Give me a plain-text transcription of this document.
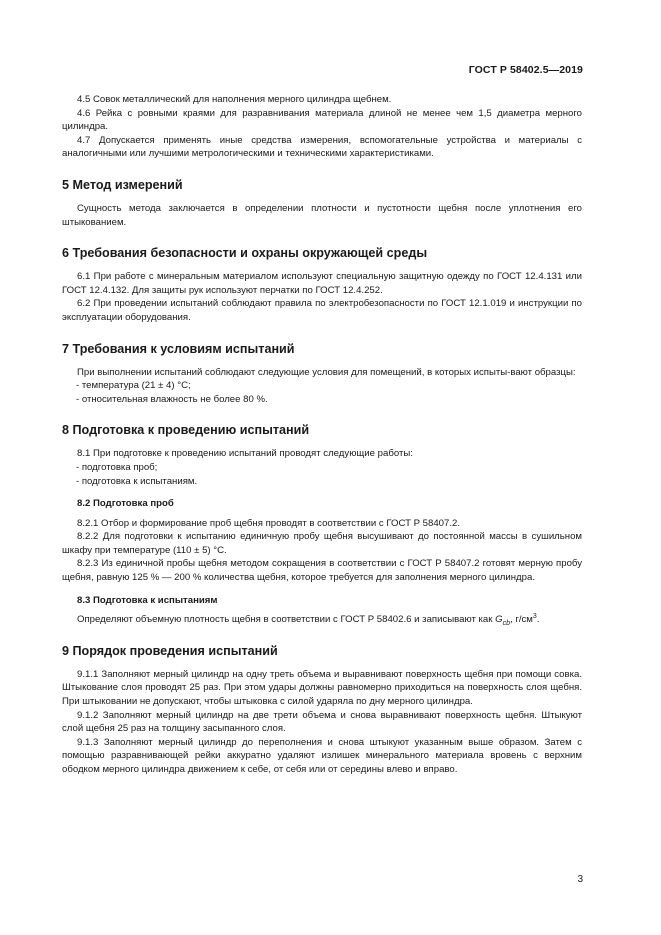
ГОСТ Р 58402.5—2019

4.5 Совок металлический для наполнения мерного цилиндра щебнем.

4.6 Рейка с ровными краями для разравнивания материала длиной не менее чем 1,5 диаметра мерного цилиндра.

4.7 Допускается применять иные средства измерения, вспомогательные устройства и материалы с аналогичными или лучшими метрологическими и техническими характеристиками.

5 Метод измерений

Сущность метода заключается в определении плотности и пустотности щебня после уплотнения его штыкованием.

6 Требования безопасности и охраны окружающей среды

6.1 При работе с минеральным материалом используют специальную защитную одежду по ГОСТ 12.4.131 или ГОСТ 12.4.132. Для защиты рук используют перчатки по ГОСТ 12.4.252.

6.2 При проведении испытаний соблюдают правила по электробезопасности по ГОСТ 12.1.019 и инструкции по эксплуатации оборудования.

7 Требования к условиям испытаний

При выполнении испытаний соблюдают следующие условия для помещений, в которых испыты-вают образцы:

- температура (21 ± 4) °С;

- относительная влажность не более 80 %.

8 Подготовка к проведению испытаний

8.1 При подготовке к проведению испытаний проводят следующие работы:

- подготовка проб;

- подготовка к испытаниям.

8.2 Подготовка проб

8.2.1 Отбор и формирование проб щебня проводят в соответствии с ГОСТ Р 58407.2.

8.2.2 Для подготовки к испытанию единичную пробу щебня высушивают до постоянной массы в сушильном шкафу при температуре (110 ± 5) °С.

8.2.3 Из единичной пробы щебня методом сокращения в соответствии с ГОСТ Р 58407.2 готовят мерную пробу щебня, равную 125 % — 200 % количества щебня, которое требуется для заполнения мерного цилиндра.

8.3 Подготовка к испытаниям

Определяют объемную плотность щебня в соответствии с ГОСТ Р 58402.6 и записывают как $G_{cb}$, $г/см^3$.

9 Порядок проведения испытаний

9.1.1 Заполняют мерный цилиндр на одну треть объема и выравнивают поверхность щебня при помощи совка. Штыкование слоя проводят 25 раз. При этом удары должны равномерно приходиться на поверхность слоя щебня. При штыковании не допускают, чтобы штыковка с силой ударяла по дну мерного цилиндра.

9.1.2 Заполняют мерный цилиндр на две трети объема и снова выравнивают поверхность щебня. Штыкуют слой щебня 25 раз на толщину засыпанного слоя.

9.1.3 Заполняют мерный цилиндр до переполнения и снова штыкуют указанным выше образом. Затем с помощью разравнивающей рейки аккуратно удаляют излишек минерального материала вровень с верхним ободком мерного цилиндра движением к себе, от себя или от середины влево и вправо.

3
